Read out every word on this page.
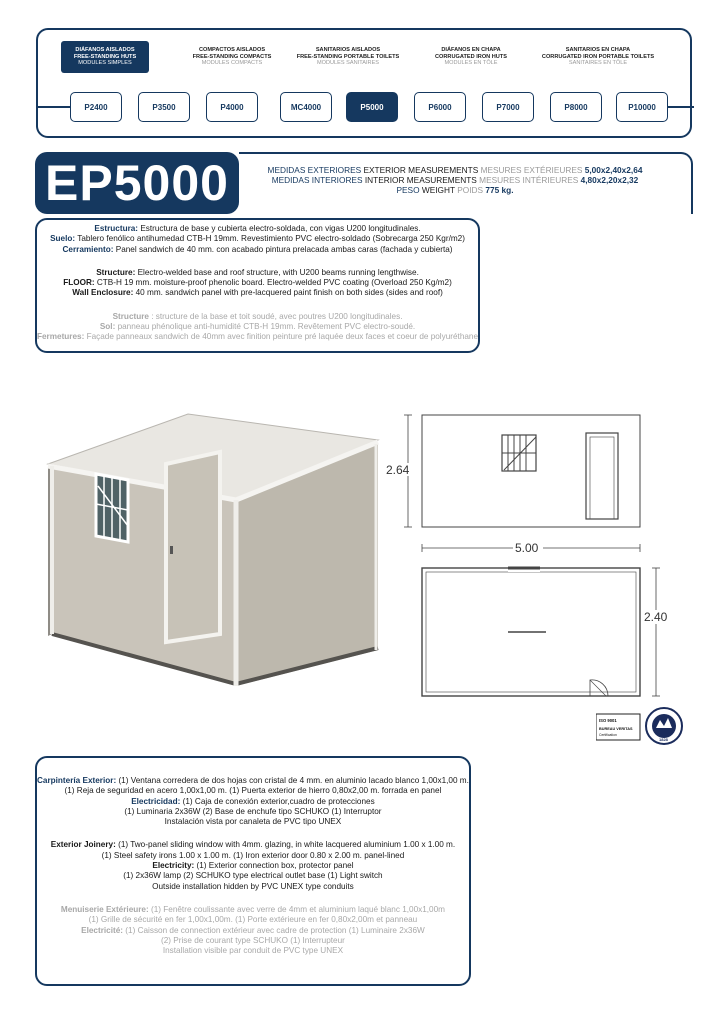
DIÁFANOS AISLADOS
FREE-STANDING HUTS
MODULES SIMPLES
COMPACTOS AISLADOS
FREE-STANDING COMPACTS
MODULES COMPACTS
SANITARIOS AISLADOS
FREE-STANDING PORTABLE TOILETS
MODULES SANITAIRES
DIÁFANOS EN CHAPA
CORRUGATED IRON HUTS
MODULES EN TÔLE
SANITARIOS EN CHAPA
CORRUGATED IRON PORTABLE TOILETS
SANITAIRES EN TÔLE
P2400	P3500	P4000	MC4000	P5000	P6000	P7000	P8000	P10000
EP5000	MEDIDAS EXTERIORES EXTERIOR MEASUREMENTS MESURES EXTÉRIEURES 5,00x2,40x2,64
MEDIDAS INTERIORES INTERIOR MEASUREMENTS MESURES INTÉRIEURES 4,80x2,20x2,32
PESO WEIGHT POIDS 775 kg.

Estructura: Estructura de base y cubierta electro-soldada, con vigas U200 longitudinales.

Suelo: Tablero fenólico antihumedad CTB-H 19mm. Revestimiento PVC electro-soldado (Sobrecarga 250 Kgr/m2)

Cerramiento: Panel sandwich de 40 mm. con acabado pintura prelacada ambas caras (fachada y cubierta)

Structure: Electro-welded base and roof structure, with U200 beams running lengthwise.

FLOOR: CTB-H 19 mm. moisture-proof phenolic board. Electro-welded PVC coating (Overload 250 Kg/m2)

Wall Enclosure: 40 mm. sandwich panel with pre-lacquered paint finish on both sides (sides and roof)

Structure : structure de la base et toit soudé, avec poutres U200 longitudinales.

Sol: panneau phénolique anti-humidité CTB-H 19mm. Revêtement PVC electro-soudé.

Fermetures: Façade panneaux sandwich de 40mm avec finition peinture pré laquée deux faces et coeur de polyuréthane

2.64
5.00
2.40
ISO 9001
BUREAU VERITAS
Certification
1828

Carpintería Exterior: (1) Ventana corredera de dos hojas con cristal de 4 mm. en aluminio lacado blanco 1,00x1,00 m.

(1) Reja de seguridad en acero 1,00x1,00 m. (1) Puerta exterior de hierro 0,80x2,00 m. forrada en panel

Electricidad: (1) Caja de conexión exterior,cuadro de protecciones

(1) Luminaria 2x36W (2) Base de enchufe tipo SCHUKO (1) Interruptor

Instalación vista por canaleta de PVC tipo UNEX

Exterior Joinery: (1) Two-panel sliding window with 4mm. glazing, in white lacquered aluminium 1.00 x 1.00 m.

(1) Steel safety irons 1.00 x 1.00 m. (1) Iron exterior door 0.80 x 2.00 m. panel-lined

Electricity: (1) Exterior connection box, protector panel

(1) 2x36W lamp (2) SCHUKO type electrical outlet base (1) Light switch

Outside installation hidden by PVC UNEX type conduits

Menuiserie Extérieure: (1) Fenêtre coulissante avec verre de 4mm et aluminium laqué blanc 1,00x1,00m

(1) Grille de sécurité en fer 1,00x1,00m. (1) Porte extérieure en fer 0,80x2,00m et panneau

Electricité: (1) Caisson de connection extérieur avec cadre de protection (1) Luminaire 2x36W

(2) Prise de courant type SCHUKO (1) Interrupteur

Installation visible par conduit de PVC type UNEX
